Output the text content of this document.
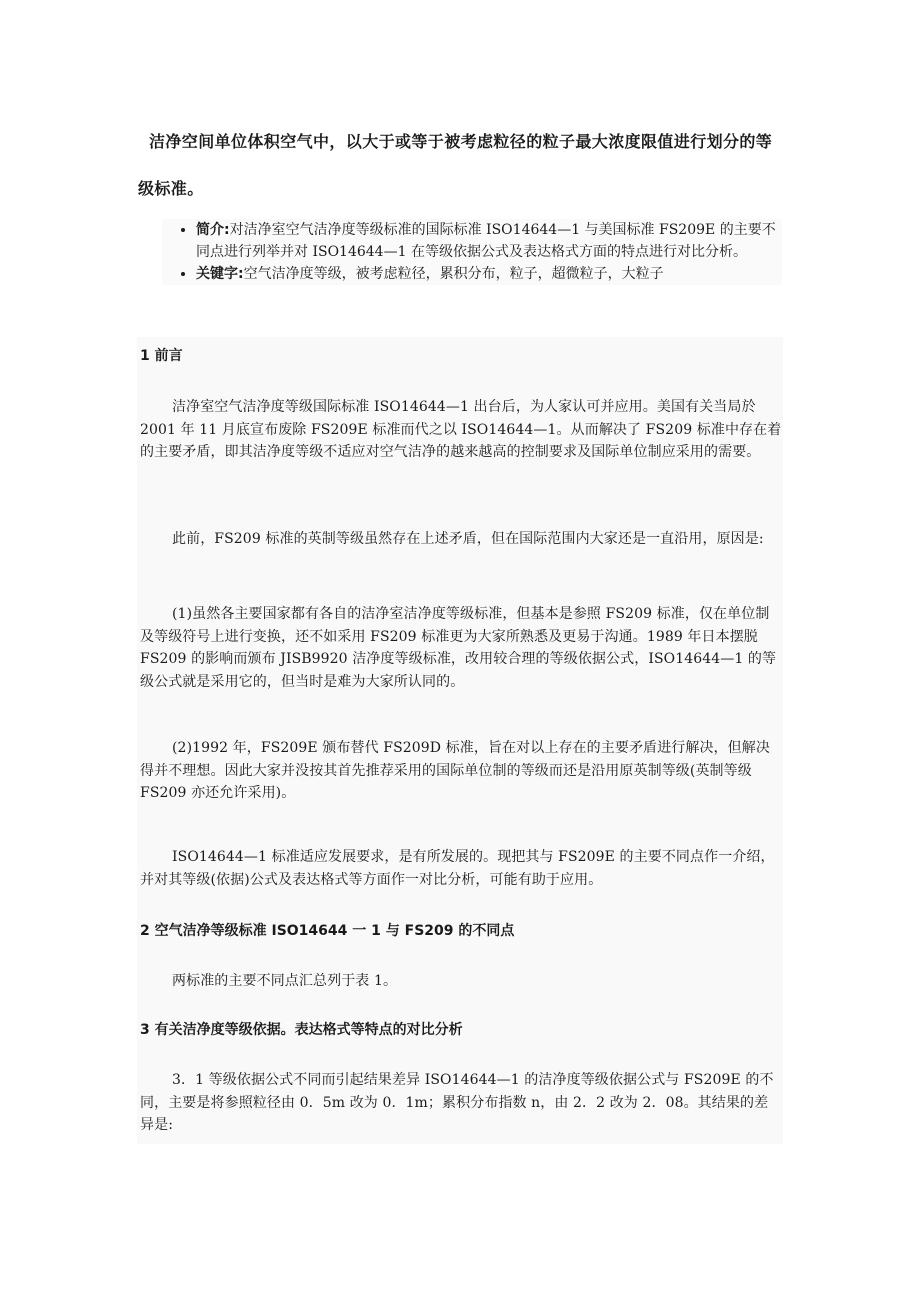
洁净空间单位体积空气中，以大于或等于被考虑粒径的粒子最大浓度限值进行划分的等级标准。
• 简介:对洁净室空气洁净度等级标准的国际标准 ISO14644—1 与美国标准 FS209E 的主要不同点进行列举并对 ISO14644—1 在等级依据公式及表达格式方面的特点进行对比分析。
• 关键字:空气洁净度等级，被考虑粒径，累积分布，粒子，超微粒子，大粒子
1 前言
洁净室空气洁净度等级国际标准 ISO14644—1 出台后，为人家认可并应用。美国有关当局於 2001 年 11 月底宣布废除 FS209E 标准而代之以 ISO14644—1。从而解决了 FS209 标准中存在着的主要矛盾，即其洁净度等级不适应对空气洁净的越来越高的控制要求及国际单位制应采用的需要。
此前，FS209 标准的英制等级虽然存在上述矛盾，但在国际范围内大家还是一直沿用，原因是:
(1)虽然各主要国家都有各自的洁净室洁净度等级标准，但基本是参照 FS209 标准，仅在单位制及等级符号上进行变换，还不如采用 FS209 标准更为大家所熟悉及更易于沟通。1989 年日本摆脱 FS209 的影响而颁布 JISB9920 洁净度等级标准，改用较合理的等级依据公式，ISO14644—1 的等级公式就是采用它的，但当时是难为大家所认同的。
(2)1992 年，FS209E 颁布替代 FS209D 标准，旨在对以上存在的主要矛盾进行解决，但解决得并不理想。因此大家并没按其首先推荐采用的国际单位制的等级而还是沿用原英制等级(英制等级 FS209 亦还允许采用)。
ISO14644—1 标准适应发展要求，是有所发展的。现把其与 FS209E 的主要不同点作一介绍，并对其等级(依据)公式及表达格式等方面作一对比分析，可能有助于应用。
2 空气洁净等级标准 ISO14644 一 1 与 FS209 的不同点
两标准的主要不同点汇总列于表 1。
3 有关洁净度等级依据。表达格式等特点的对比分析
3．1 等级依据公式不同而引起结果差异 ISO14644—1 的洁净度等级依据公式与 FS209E 的不同，主要是将参照粒径由 0．5m 改为 0．1m；累积分布指数 n，由 2．2 改为 2．08。其结果的差异是:
